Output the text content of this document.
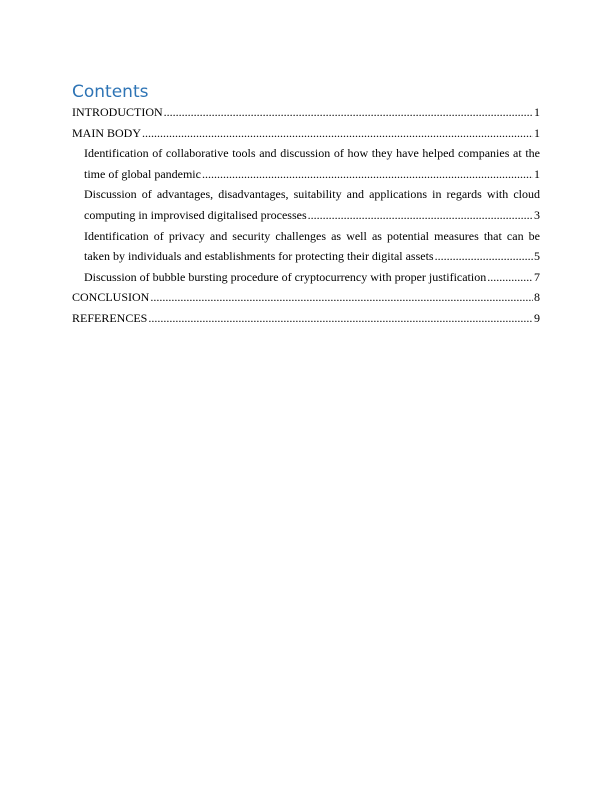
Contents
INTRODUCTION .....	1
MAIN BODY .....	1
Identification of collaborative tools and discussion of how they have helped companies at the
time of global pandemic .....	1
Discussion of advantages, disadvantages, suitability and applications in regards with cloud
computing in improvised digitalised processes .....	3
Identification of privacy and security challenges as well as potential measures that can be
taken by individuals and establishments for protecting their digital assets .....	5
Discussion of bubble bursting procedure of cryptocurrency with proper justification .....	7
CONCLUSION .....	8
REFERENCES .....	9
